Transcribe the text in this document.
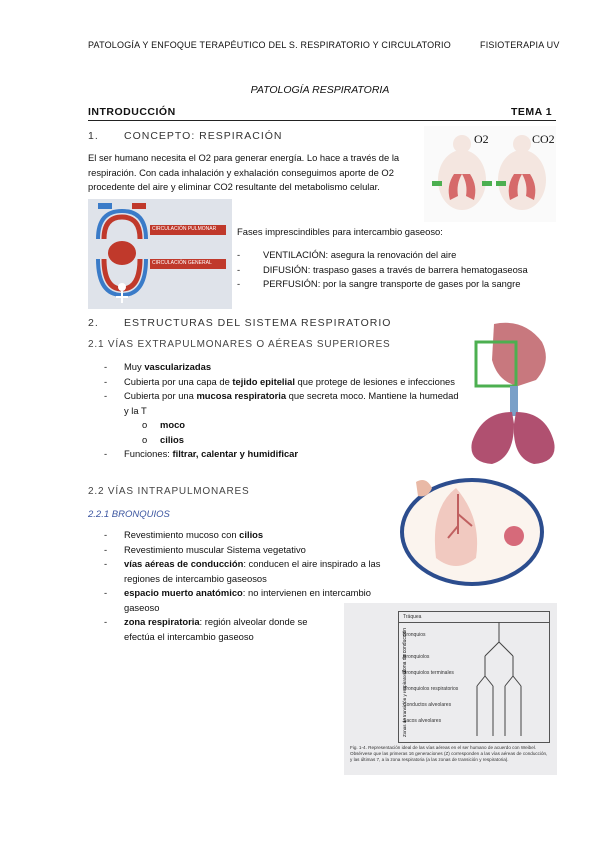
PATOLOGÍA Y ENFOQUE TERAPÉUTICO DEL S. RESPIRATORIO Y CIRCULATORIO	FISIOTERAPIA UV
PATOLOGÍA RESPIRATORIA
INTRODUCCIÓN	TEMA 1
1. CONCEPTO: RESPIRACIÓN
El ser humano necesita el O2 para generar energía. Lo hace a través de la respiración. Con cada inhalación y exhalación conseguimos aporte de O2 procedente del aire y eliminar CO2 resultante del metabolismo celular.
O2	CO2
CIRCULACIÓN PULMONAR
CIRCULACIÓN GENERAL
Fases imprescindibles para intercambio gaseoso:
- VENTILACIÓN: asegura la renovación del aire
- DIFUSIÓN: traspaso gases a través de barrera hematogaseosa
- PERFUSIÓN: por la sangre transporte de gases por la sangre
2. ESTRUCTURAS DEL SISTEMA RESPIRATORIO
2.1 VÍAS EXTRAPULMONARES O AÉREAS SUPERIORES
- Muy vascularizadas
- Cubierta por una capa de tejido epitelial que protege de lesiones e infecciones
- Cubierta por una mucosa respiratoria que secreta moco. Mantiene la humedad y la T
o moco
o cilios
- Funciones: filtrar, calentar y humidificar
2.2 VÍAS INTRAPULMONARES
2.2.1 BRONQUIOS
- Revestimiento mucoso con cilios
- Revestimiento muscular Sistema vegetativo
- vías aéreas de conducción: conducen el aire inspirado a las regiones de intercambio gaseosos
- espacio muerto anatómico: no intervienen en intercambio gaseoso
- zona respiratoria: región alveolar donde se efectúa el intercambio gaseoso
Tráquea
Bronquios
Bronquiolos
Bronquiolos terminales
Bronquiolos respiratorios
Conductos alveolares
Sacos alveolares
Zona de conducción
Zonas de transición y respiratoria
Fig. 1-4. Representación ideal de las vías aéreas en el ser humano de acuerdo con Weibel. Obsérvese que las primeras 16 generaciones (Z) corresponden a las vías aéreas de conducción, y las últimas 7, a la zona respiratoria (a las zonas de transición y respiratoria).
